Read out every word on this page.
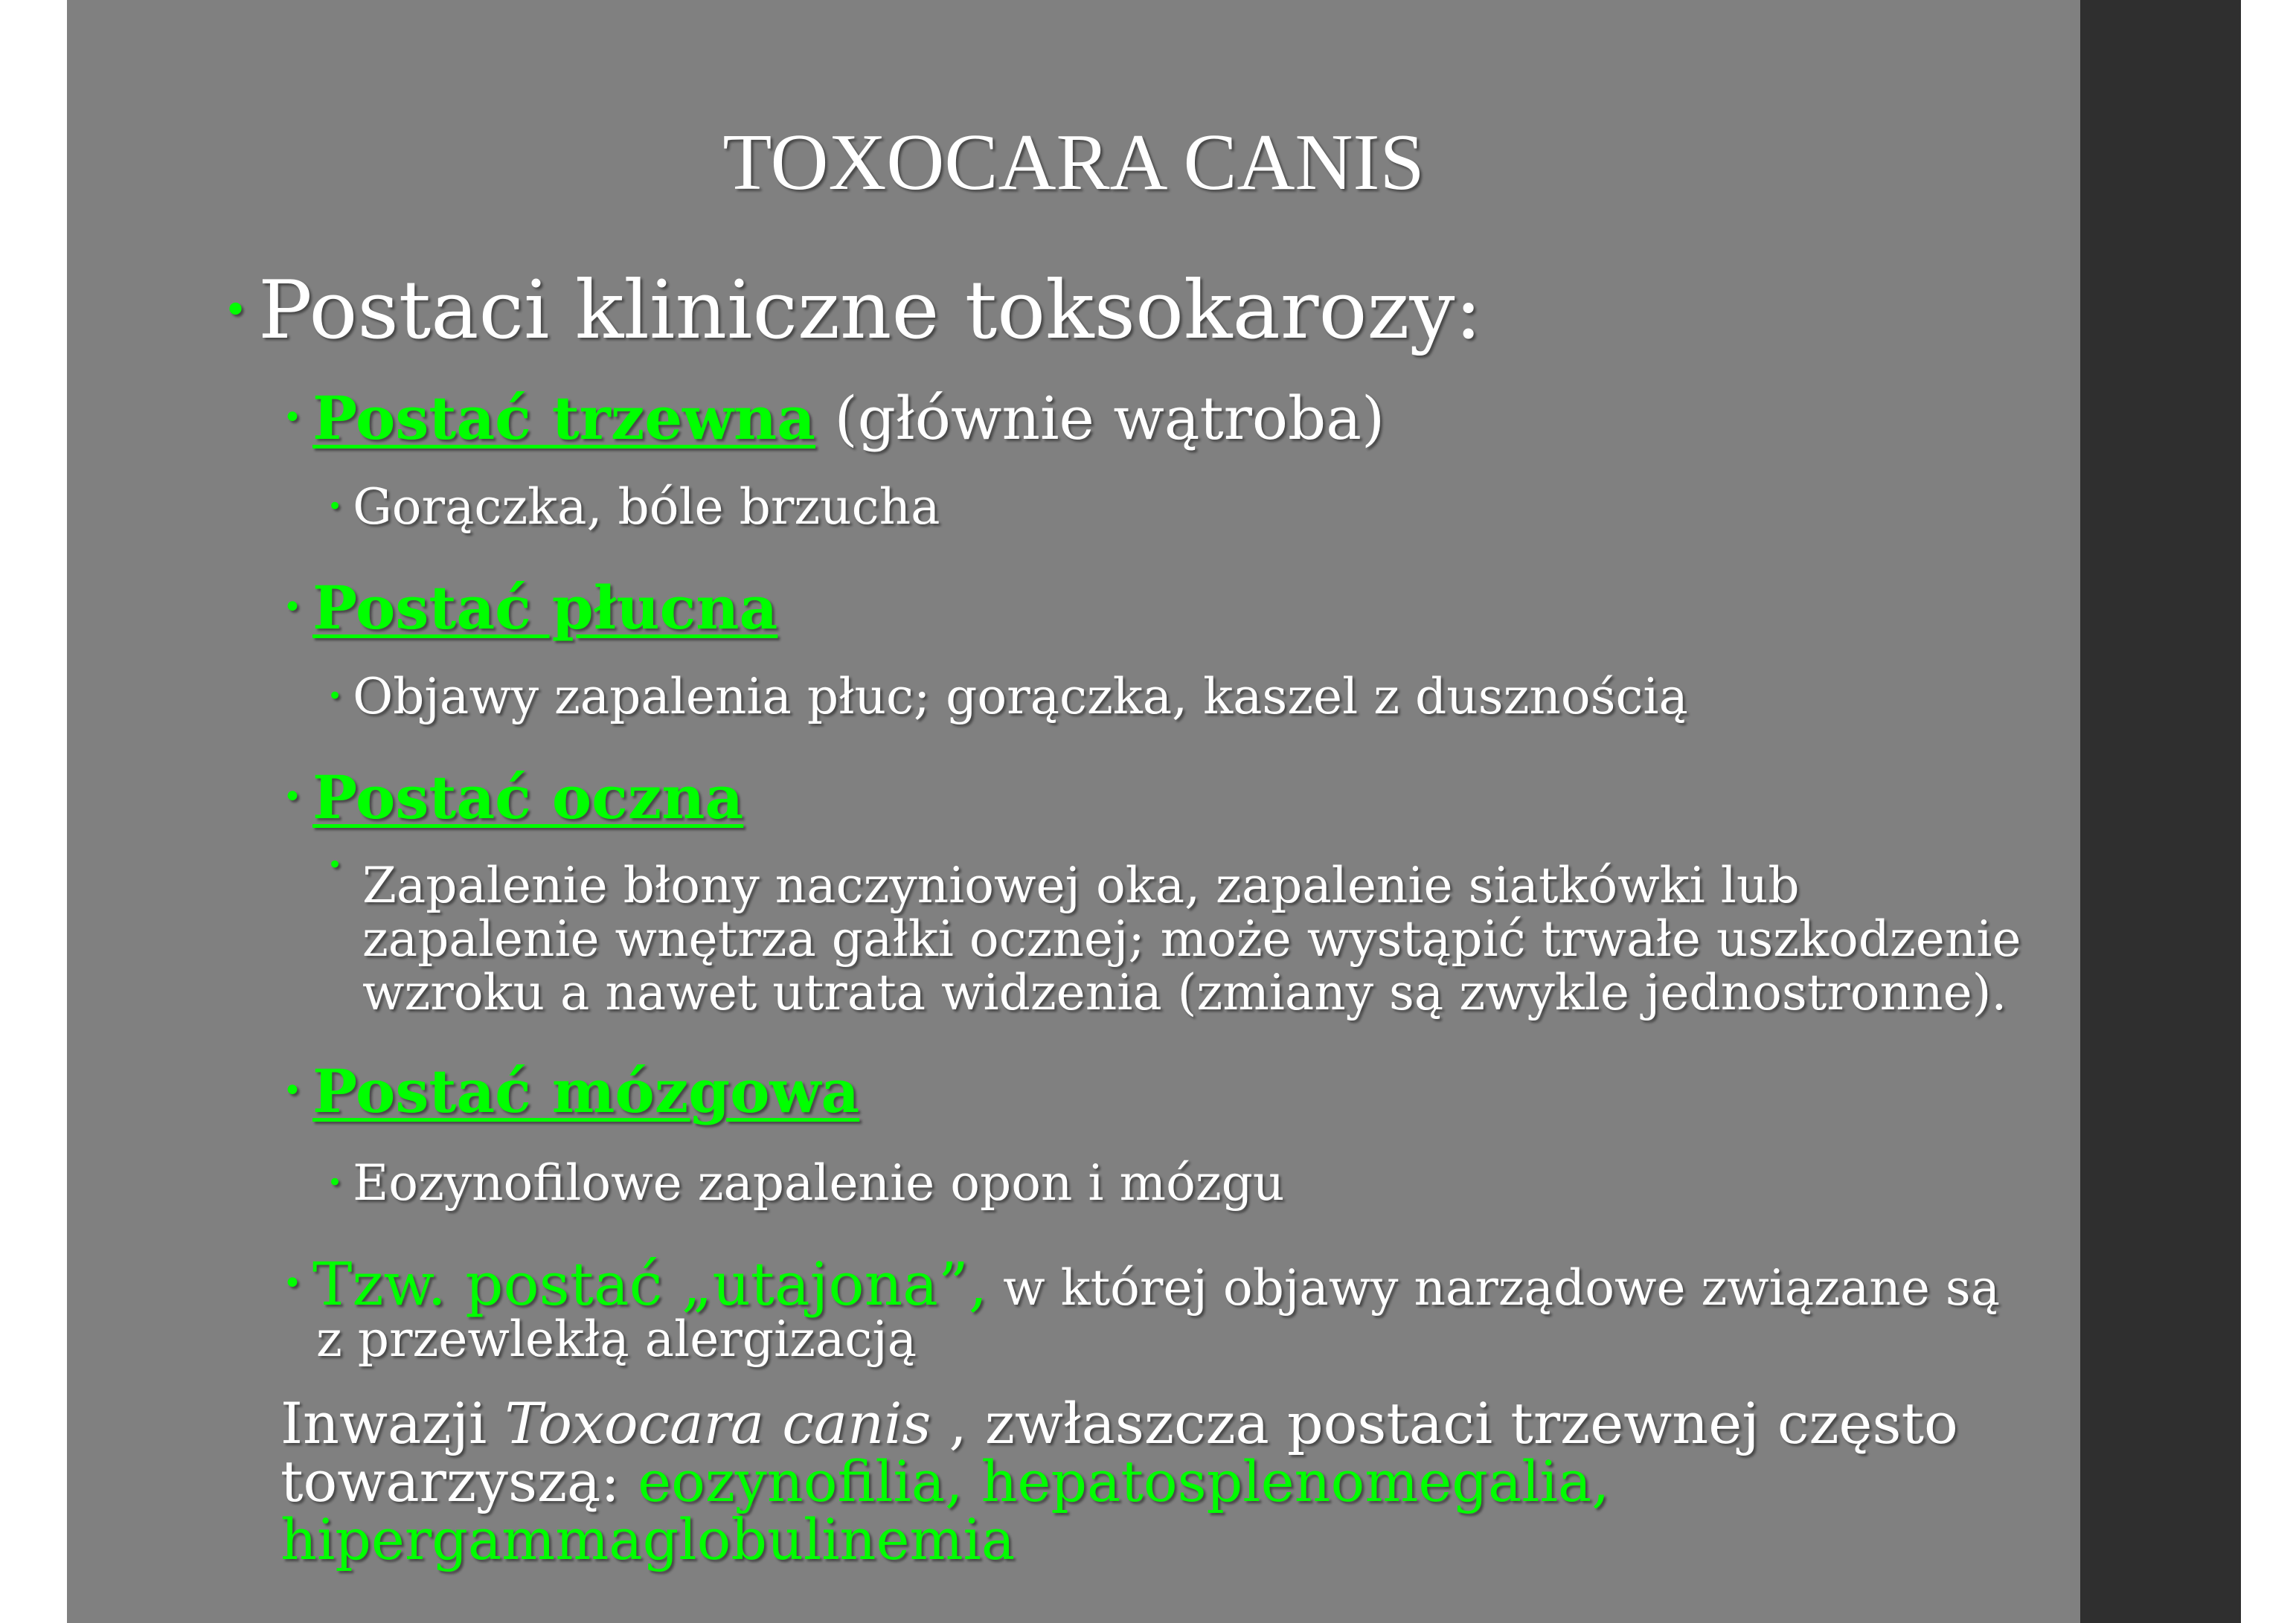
TOXOCARA CANIS
• Postaci kliniczne toksokarozy:
• Postać trzewna (głównie wątroba)
• Gorączka, bóle brzucha
• Postać płucna
• Objawy zapalenia płuc; gorączka, kaszel z dusznością
• Postać oczna
• Zapalenie błony naczyniowej oka, zapalenie siatkówki lub
zapalenie wnętrza gałki ocznej; może wystąpić trwałe uszkodzenie
wzroku a nawet utrata widzenia (zmiany są zwykle jednostronne).
• Postać mózgowa
• Eozynofilowe zapalenie opon i mózgu
• Tzw. postać „utajona”, w której objawy narządowe związane są
z przewlekłą alergizacją
Inwazji Toxocara canis , zwłaszcza postaci trzewnej często
towarzyszą: eozynofilia, hepatosplenomegalia,
hipergammaglobulinemia
